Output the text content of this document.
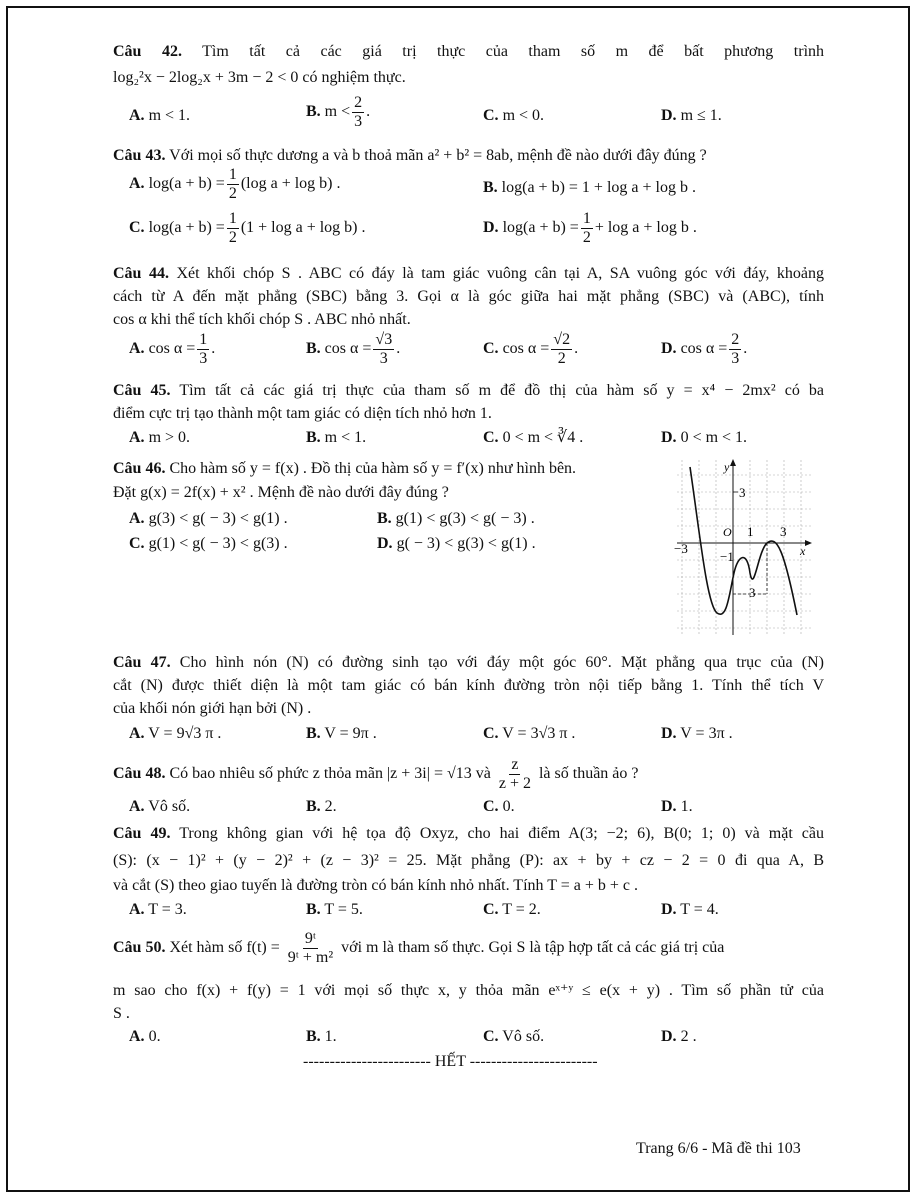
Câu 42. Tìm tất cả các giá trị thực của tham số m để bất phương trình
log₂²x − 2log₂x + 3m − 2 < 0 có nghiệm thực.
A. m < 1.	B. $m < \frac{2}{3}$ .	C. m < 0.	D. m ≤ 1.
Câu 43. Với mọi số thực dương a và b thoả mãn a² + b² = 8ab, mệnh đề nào dưới đây đúng ?
A. $\log(a + b) = \frac{1}{2} (\log$ a + log b) .	B. log(a + b) = 1 + log a + log b .
C. $\log(a + b) = \frac{1}{2} (1 + \log a + \log b)$ .	D. $\log(a + b) = \frac{1}{2} + \log a + \log b$ .
Câu 44. Xét khối chóp S . ABC có đáy là tam giác vuông cân tại A, SA vuông góc với đáy, khoảng
cách từ A đến mặt phẳng (SBC) bằng 3. Gọi α là góc giữa hai mặt phẳng (SBC) và (ABC), tính
cos α khi thể tích khối chóp S . ABC nhỏ nhất.
A. $\cos \alpha = \frac{1}{3}$ .	B. $\cos \alpha = \frac{√3}{3}$ .	C. $\cos \alpha = \frac{√2}{2}$ .	D. $\cos \alpha = \frac{2}{3}$ .
Câu 45. Tìm tất cả các giá trị thực của tham số m để đồ thị của hàm số y = x⁴ − 2mx² có ba
điểm cực trị tạo thành một tam giác có diện tích nhỏ hơn 1.
A. m > 0.	B. m < 1.	C. 0 < m < ∛4 .	D. 0 < m < 1.
Câu 46. Cho hàm số y = f(x) . Đồ thị của hàm số y = f′(x) như hình bên.
Đặt g(x) = 2f(x) + x² . Mệnh đề nào dưới đây đúng ?
A. g(3) < g( − 3) < g(1) .	B. g(1) < g(3) < g( − 3) .
C. g(1) < g( − 3) < g(3) .	D. g( − 3) < g(3) < g(1) .
y
x
O
3
1 3
−3
−1
3
Câu 47. Cho hình nón (N) có đường sinh tạo với đáy một góc 60°. Mặt phẳng qua trục của (N)
cắt (N) được thiết diện là một tam giác có bán kính đường tròn nội tiếp bằng 1. Tính thể tích V
của khối nón giới hạn bởi (N) .
A. V = 9√3 π .	B. V = 9π .	C. V = 3√3 π .	D. V = 3π .
Câu 48. Có bao nhiêu số phức z thỏa mãn |z + 3i| = √13 và $\frac{z}{z + 2}$ là số thuần ảo ?
A. Vô số.	B. 2.	C. 0.	D. 1.
Câu 49. Trong không gian với hệ tọa độ Oxyz, cho hai điểm A(3; −2; 6), B(0; 1; 0) và mặt cầu
(S): (x − 1)² + (y − 2)² + (z − 3)² = 25. Mặt phẳng (P): ax + by + cz − 2 = 0 đi qua A, B
và cắt (S) theo giao tuyến là đường tròn có bán kính nhỏ nhất. Tính T = a + b + c .
A. T = 3.	B. T = 5.	C. T = 2.	D. T = 4.
Câu 50. Xét hàm số $f(t) = \frac{\text{9ᵗ}}{\text{9ᵗ + m²}}$ với m là tham số thực. Gọi S là tập hợp tất cả các giá trị của
m sao cho f(x) + f(y) = 1 với mọi số thực x, y thỏa mãn eˣ⁺ʸ ≤ e(x + y) . Tìm số phần tử của
S .
A. 0.	B. 1.	C. Vô số.	D. 2 .
------------------------ HẾT ------------------------
Trang 6/6 - Mã đề thi 103
